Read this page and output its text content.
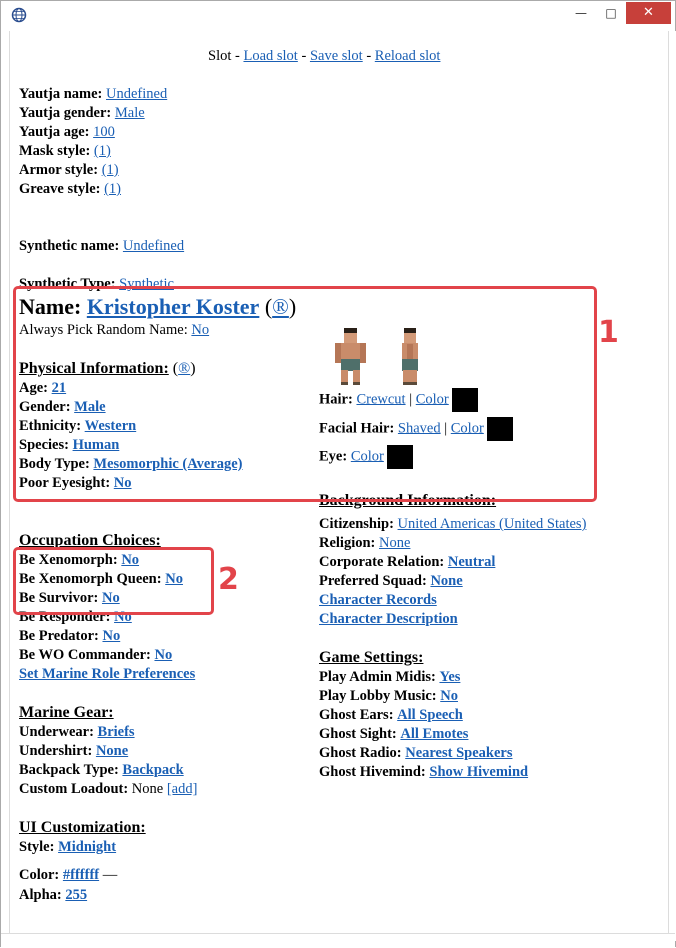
—	□	✕
Slot - Load slot - Save slot - Reload slot
Yautja name: Undefined
Yautja gender: Male
Yautja age: 100
Mask style: (1)
Armor style: (1)
Greave style: (1)
Synthetic name: Undefined
Synthetic Type: Synthetic
Name: Kristopher Koster (®)
Always Pick Random Name: No
Physical Information: (®)
Age: 21
Gender: Male
Ethnicity: Western
Species: Human
Body Type: Mesomorphic (Average)
Poor Eyesight: No
Hair: Crewcut | Color
Facial Hair: Shaved | Color
Eye: Color
Background Information:
Citizenship: United Americas (United States)
Religion: None
Corporate Relation: Neutral
Preferred Squad: None
Character Records
Character Description
Occupation Choices:
Be Xenomorph: No
Be Xenomorph Queen: No
Be Survivor: No
Be Responder: No
Be Predator: No
Be WO Commander: No
Set Marine Role Preferences
Game Settings:
Play Admin Midis: Yes
Play Lobby Music: No
Ghost Ears: All Speech
Ghost Sight: All Emotes
Ghost Radio: Nearest Speakers
Ghost Hivemind: Show Hivemind
Marine Gear:
Underwear: Briefs
Undershirt: None
Backpack Type: Backpack
Custom Loadout: None [add]
UI Customization:
Style: Midnight
Color: #ffffff —
Alpha: 255
1
2
